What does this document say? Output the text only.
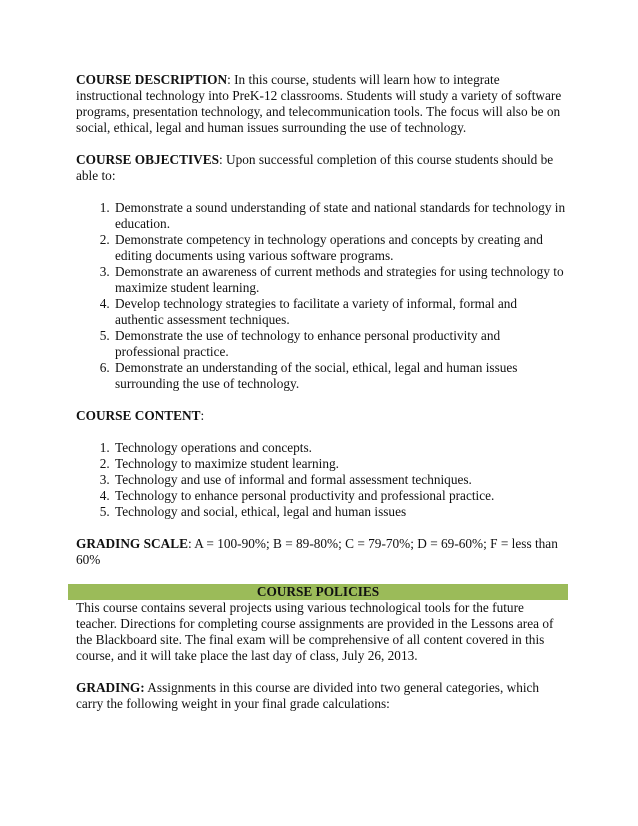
COURSE DESCRIPTION: In this course, students will learn how to integrate instructional technology into PreK-12 classrooms. Students will study a variety of software programs, presentation technology, and telecommunication tools. The focus will also be on social, ethical, legal and human issues surrounding the use of technology.

COURSE OBJECTIVES: Upon successful completion of this course students should be able to:

1. Demonstrate a sound understanding of state and national standards for technology in education.
2. Demonstrate competency in technology operations and concepts by creating and editing documents using various software programs.
3. Demonstrate an awareness of current methods and strategies for using technology to maximize student learning.
4. Develop technology strategies to facilitate a variety of informal, formal and authentic assessment techniques.
5. Demonstrate the use of technology to enhance personal productivity and professional practice.
6. Demonstrate an understanding of the social, ethical, legal and human issues surrounding the use of technology.

COURSE CONTENT:

1. Technology operations and concepts.
2. Technology to maximize student learning.
3. Technology and use of informal and formal assessment techniques.
4. Technology to enhance personal productivity and professional practice.
5. Technology and social, ethical, legal and human issues

GRADING SCALE: A = 100-90%; B = 89-80%; C = 79-70%; D = 69-60%; F = less than 60%

COURSE POLICIES

This course contains several projects using various technological tools for the future teacher. Directions for completing course assignments are provided in the Lessons area of the Blackboard site. The final exam will be comprehensive of all content covered in this course, and it will take place the last day of class, July 26, 2013.

GRADING: Assignments in this course are divided into two general categories, which carry the following weight in your final grade calculations:
